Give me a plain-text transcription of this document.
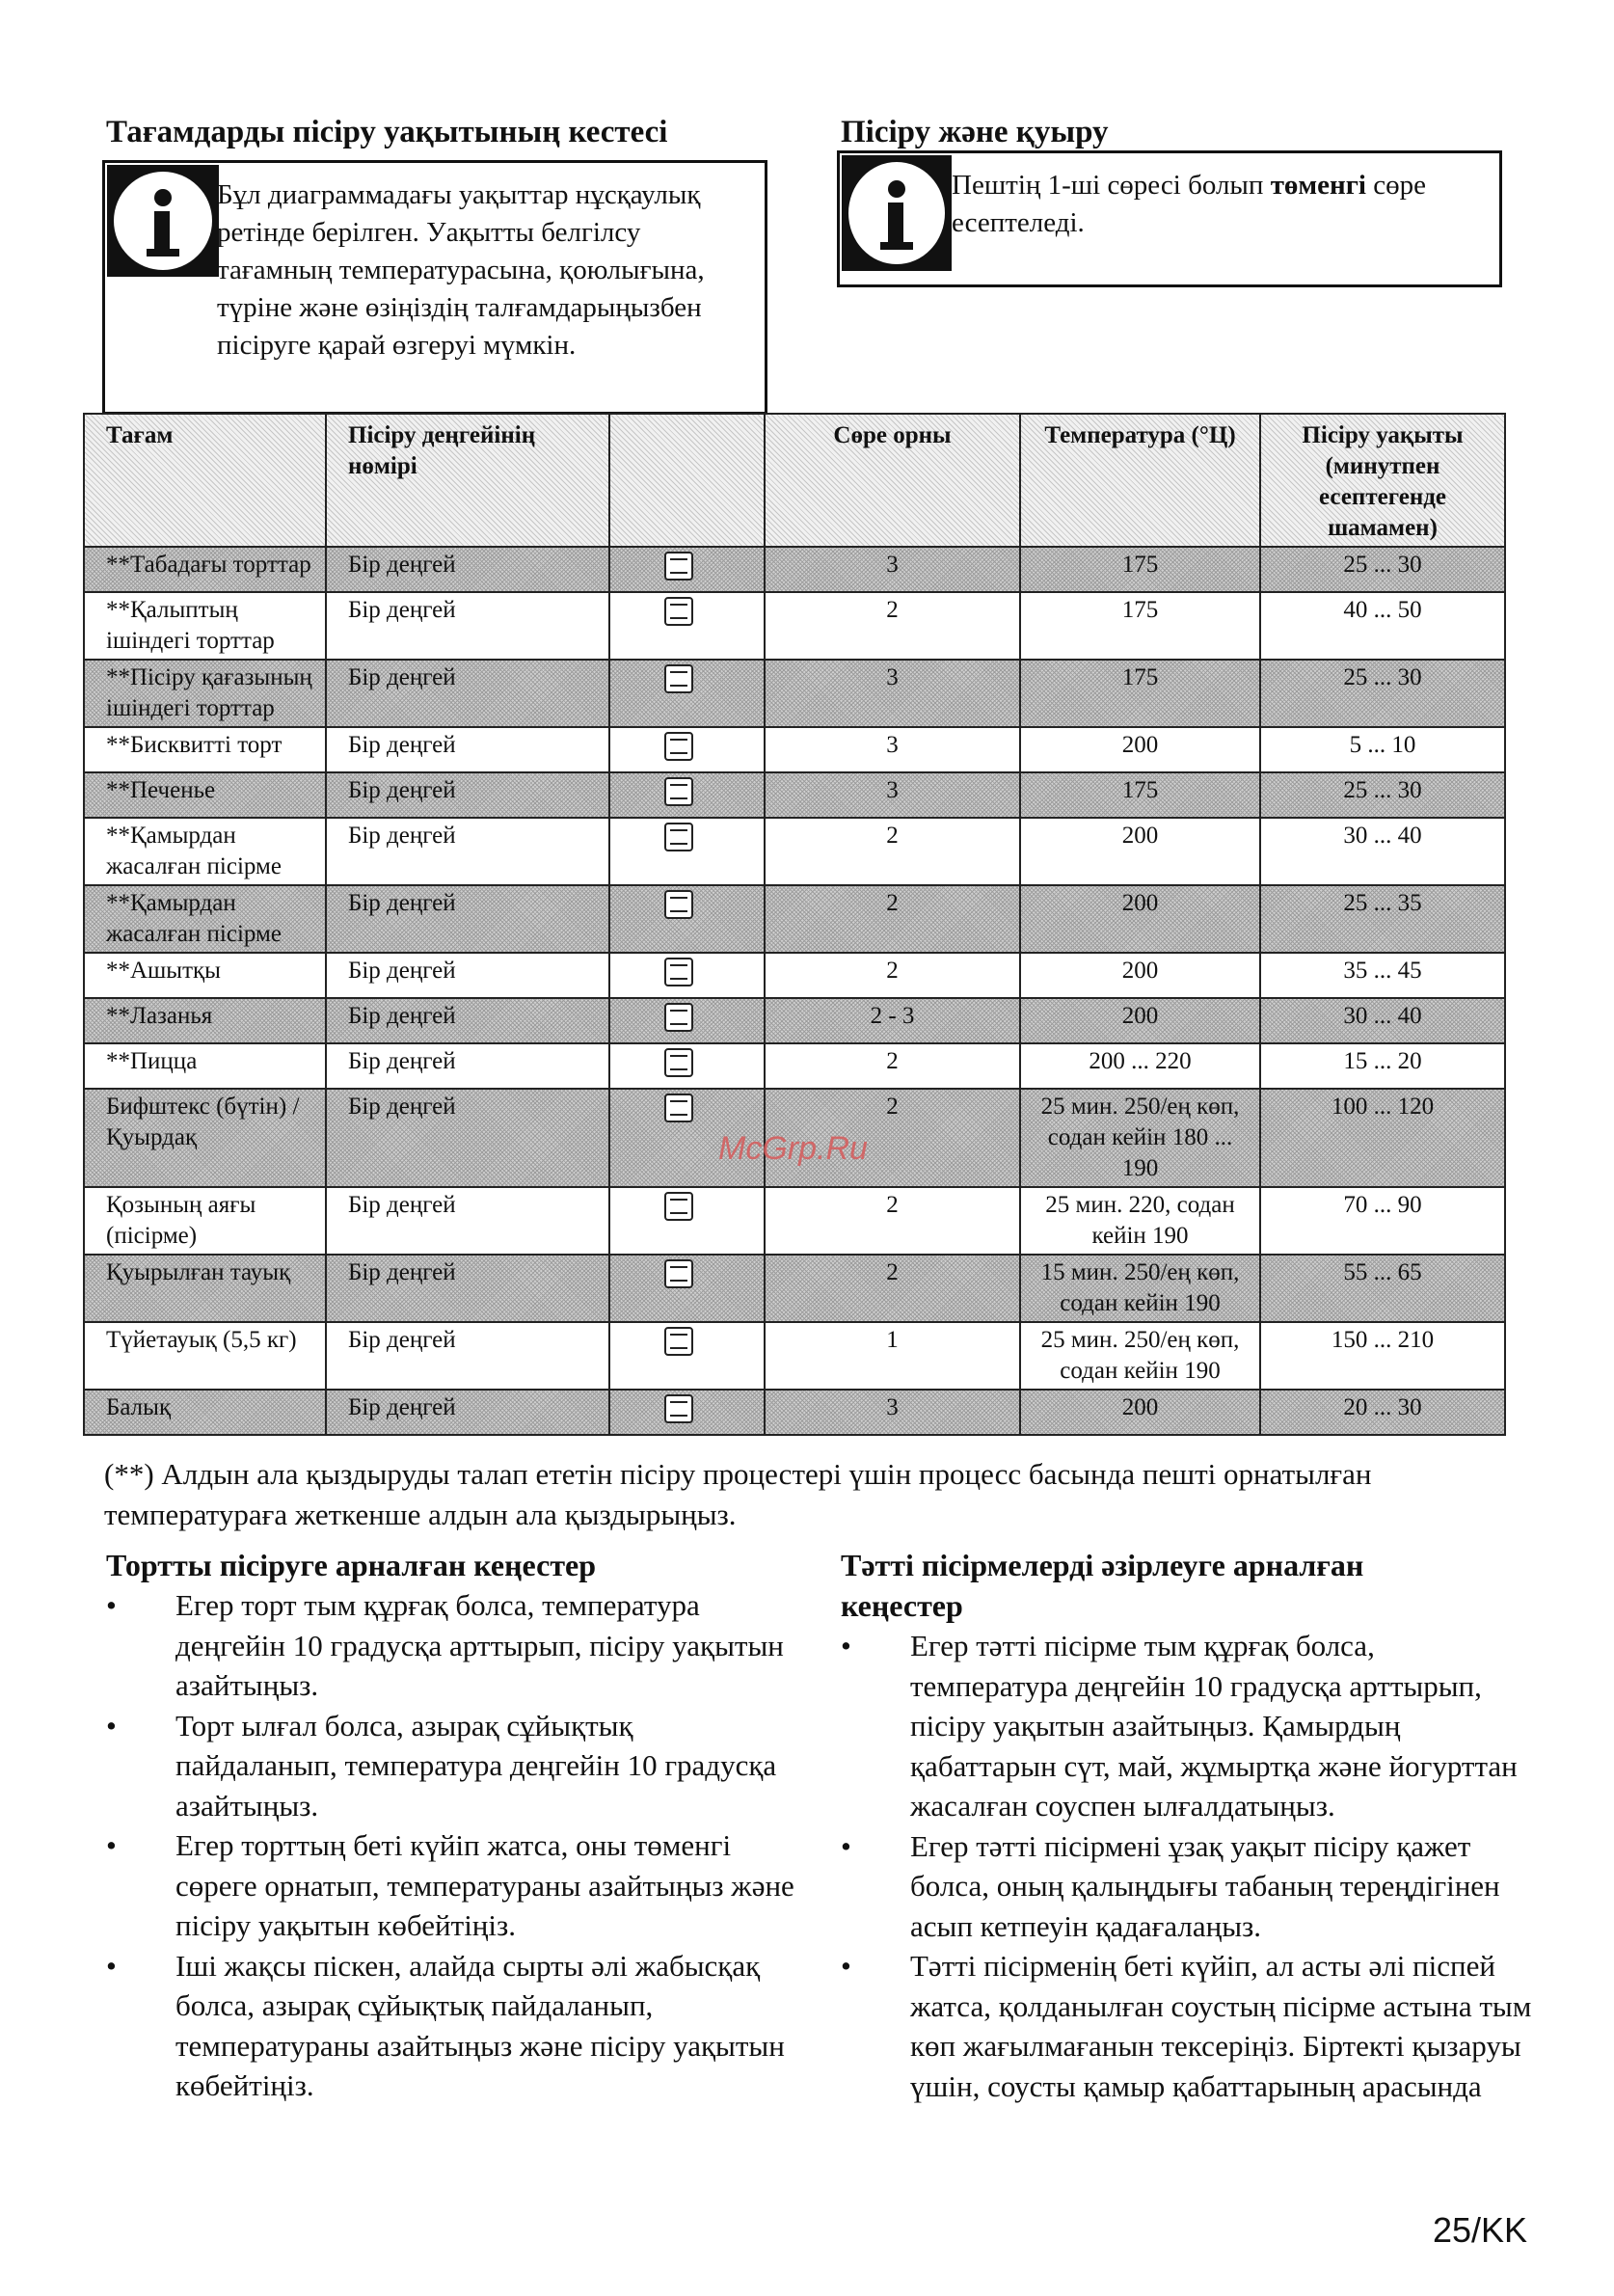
Тағамдарды пісіру уақытының кестесі
Бұл диаграммадағы уақыттар нұсқаулық ретінде берілген. Уақытты белгілсу тағамның температурасына, қоюлығына, түріне және өзіңіздің талғамдарыңызбен пісіруге қарай өзгеруі мүмкін.
Пісіру және қуыру
Пештің 1-ші сөресі болып төменгі сөре есептеледі.
Тағам	Пісіру деңгейінің нөмірі		Сөре орны	Температура (°Ц)	Пісіру уақыты (минутпен есептегенде шамамен)
**Табадағы торттар	Бір деңгей		3	175	25 ... 30
**Қалыптың ішіндегі торттар	Бір деңгей		2	175	40 ... 50
**Пісіру қағазының ішіндегі торттар	Бір деңгей		3	175	25 ... 30
**Бисквитті торт	Бір деңгей		3	200	5 ... 10
**Печенье	Бір деңгей		3	175	25 ... 30
**Қамырдан жасалған пісірме	Бір деңгей		2	200	30 ... 40
**Қамырдан жасалған пісірме	Бір деңгей		2	200	25 ... 35
**Ашытқы	Бір деңгей		2	200	35 ... 45
**Лазанья	Бір деңгей		2 - 3	200	30 ... 40
**Пицца	Бір деңгей		2	200 ... 220	15 ... 20
Бифштекс (бүтін) / Қуырдақ	Бір деңгей		2	25 мин. 250/ең көп, содан кейін 180 ... 190	100 ... 120
Қозының аяғы (пісірме)	Бір деңгей		2	25 мин. 220, содан кейін 190	70 ... 90
Қуырылған тауық	Бір деңгей		2	15 мин. 250/ең көп, содан кейін 190	55 ... 65
Түйетауық (5,5 кг)	Бір деңгей		1	25 мин. 250/ең көп, содан кейін 190	150 ... 210
Балық	Бір деңгей		3	200	20 ... 30
McGrp.Ru
(**) Алдын ала қыздыруды талап ететін пісіру процестері үшін процесс басында пешті орнатылған температураға жеткенше алдын ала қыздырыңыз.
Тортты пісіруге арналған кеңестер
• Егер торт тым құрғақ болса, температура деңгейін 10 градусқа арттырып, пісіру уақытын азайтыңыз.
• Торт ылғал болса, азырақ сұйықтық пайдаланып, температура деңгейін 10 градусқа азайтыңыз.
• Егер торттың беті күйіп жатса, оны төменгі сөреге орнатып, температураны азайтыңыз және пісіру уақытын көбейтіңіз.
• Іші жақсы піскен, алайда сырты әлі жабысқақ болса, азырақ сұйықтық пайдаланып, температураны азайтыңыз және пісіру уақытын көбейтіңіз.
Тәтті пісірмелерді әзірлеуге арналған кеңестер
• Егер тәтті пісірме тым құрғақ болса, температура деңгейін 10 градусқа арттырып, пісіру уақытын азайтыңыз. Қамырдың қабаттарын сүт, май, жұмыртқа және йогурттан жасалған соуспен ылғалдатыңыз.
• Егер тәтті пісірмені ұзақ уақыт пісіру қажет болса, оның қалыңдығы табаның тереңдігінен асып кетпеуін қадағалаңыз.
• Тәтті пісірменің беті күйіп, ал асты әлі піспей жатса, қолданылған соустың пісірме астына тым көп жағылмағанын тексеріңіз. Біртекті қызаруы үшін, соусты қамыр қабаттарының арасында
25/KK
